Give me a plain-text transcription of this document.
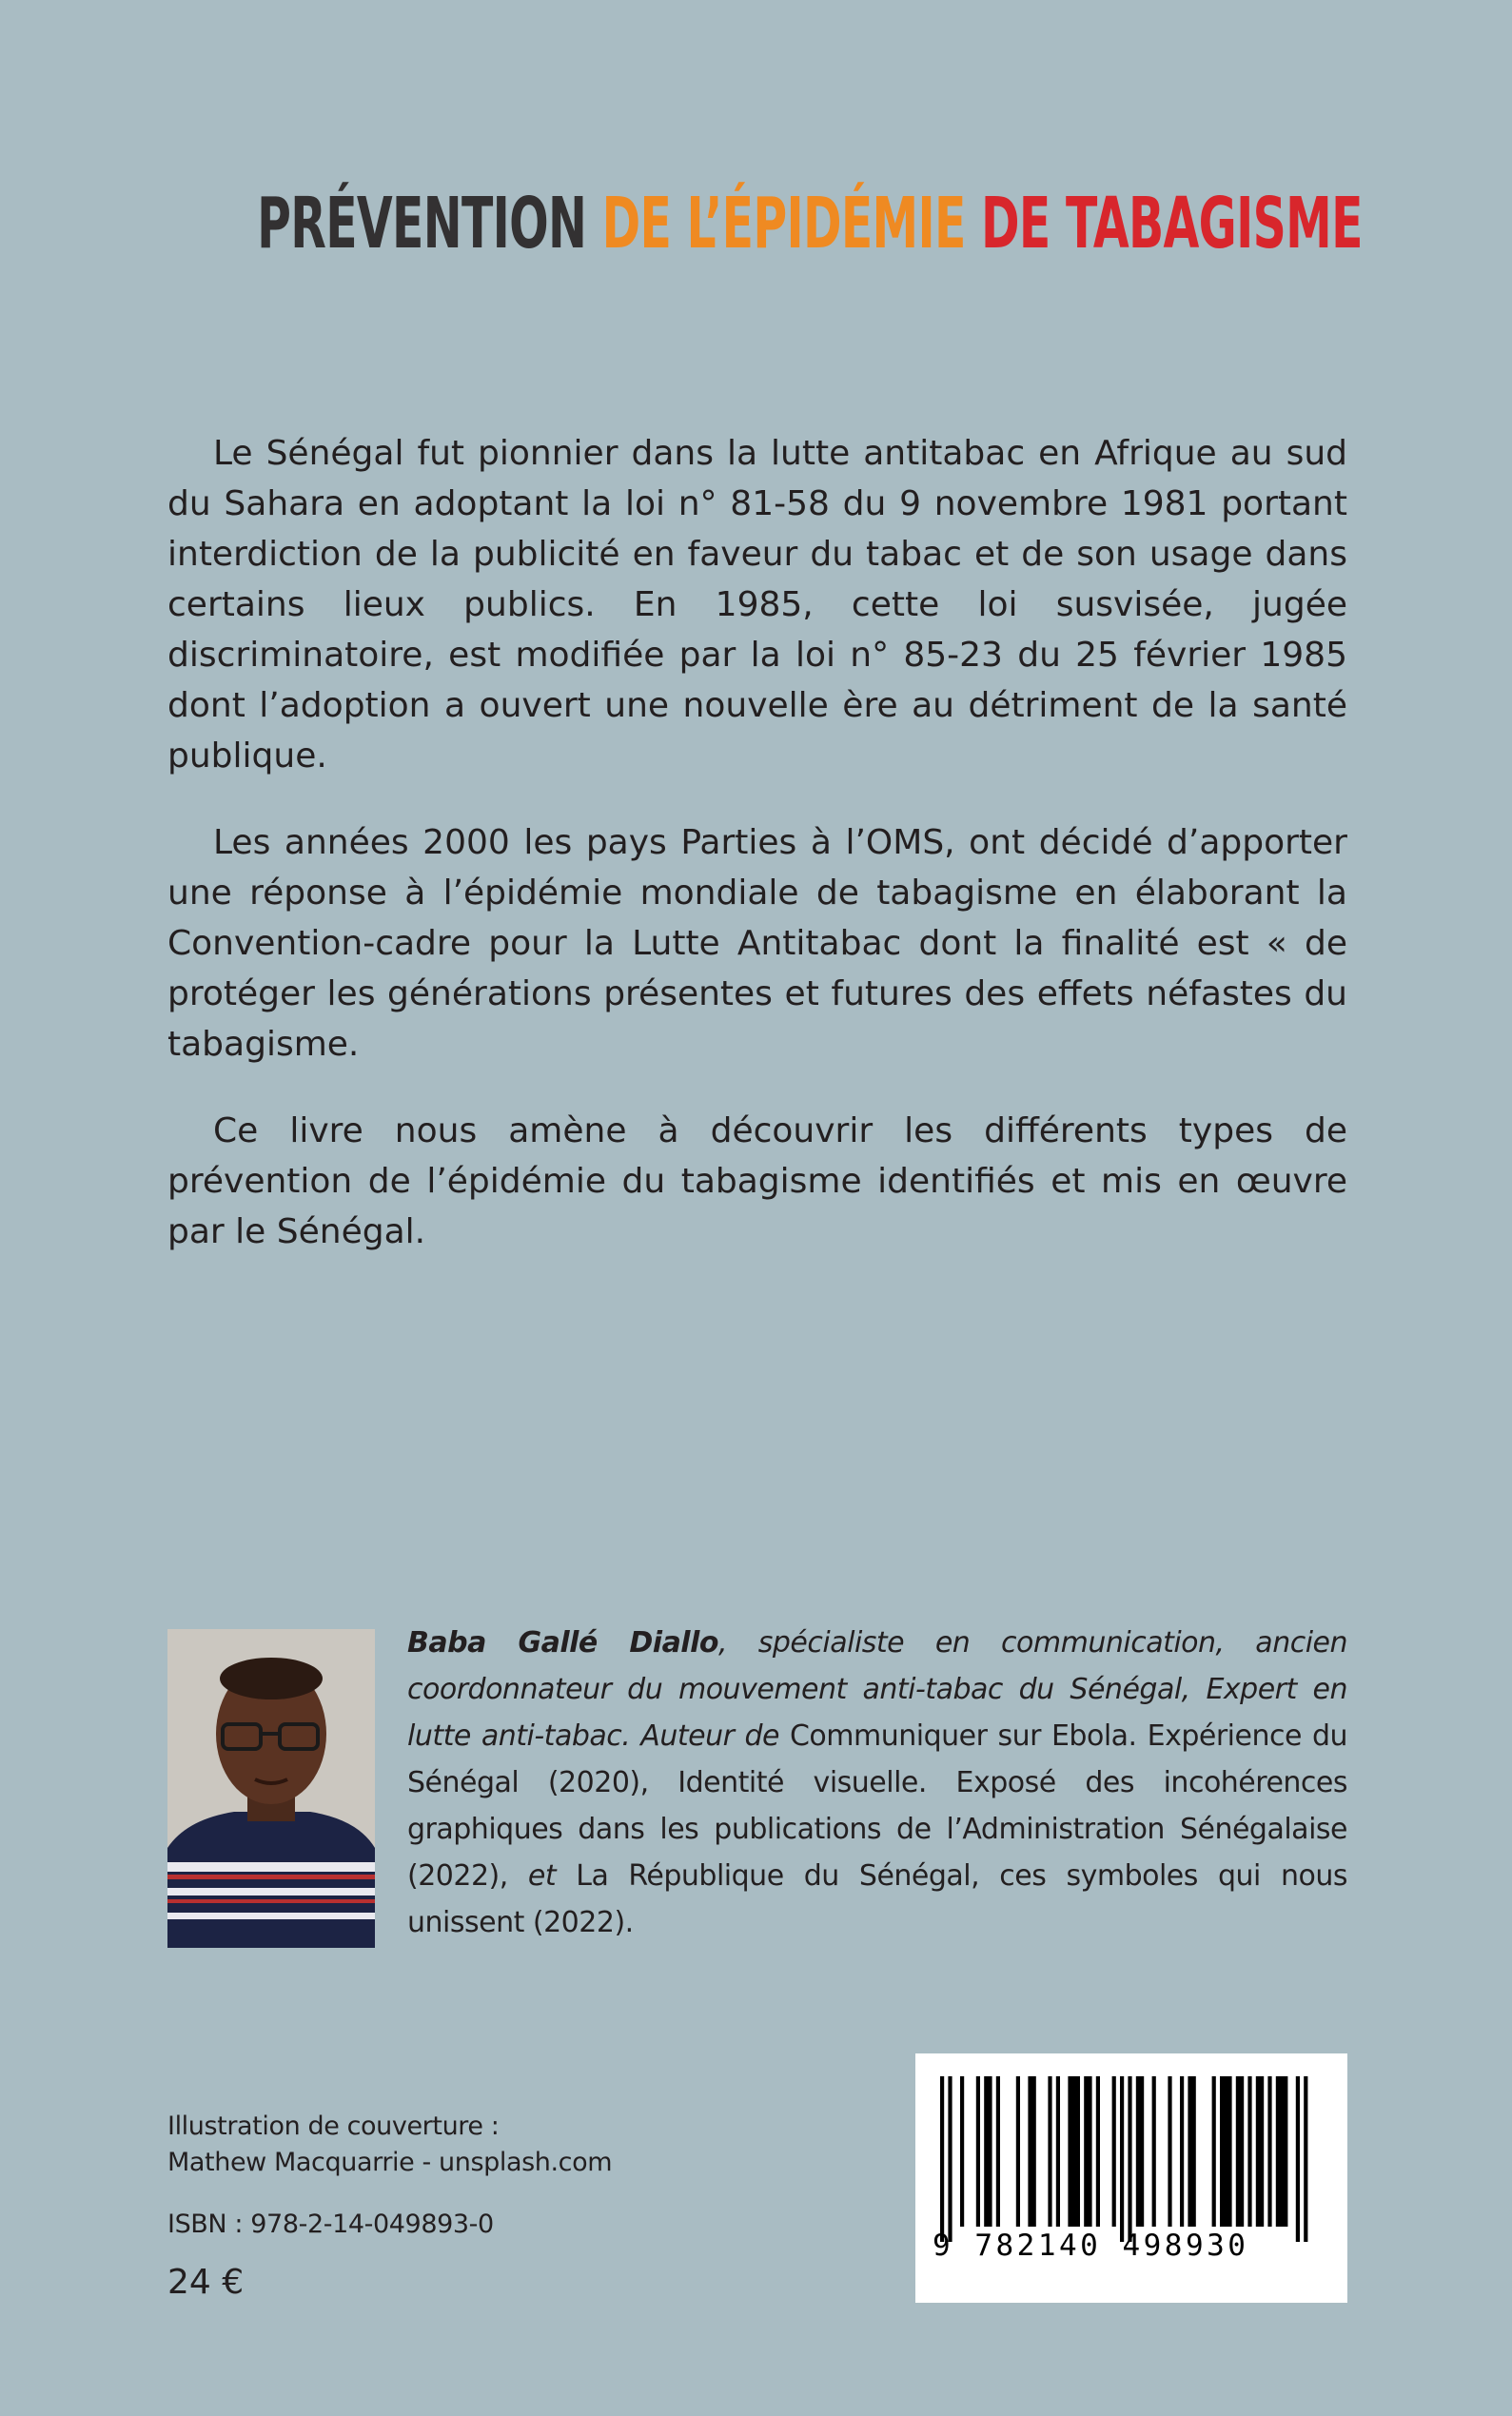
PRÉVENTION DE L’ÉPIDÉMIE DE TABAGISME

Le Sénégal fut pionnier dans la lutte antitabac en Afrique au sud du Sahara en adoptant la loi n° 81-58 du 9 novembre 1981 portant interdiction de la publicité en faveur du tabac et de son usage dans certains lieux publics. En 1985, cette loi susvisée, jugée discriminatoire, est modifiée par la loi n° 85-23 du 25 février 1985 dont l’adoption a ouvert une nouvelle ère au détriment de la santé publique.

Les années 2000 les pays Parties à l’OMS, ont décidé d’apporter une réponse à l’épidémie mondiale de tabagisme en élaborant la Convention-cadre pour la Lutte Antitabac dont la finalité est « de protéger les générations présentes et futures des effets néfastes du tabagisme.

Ce livre nous amène à découvrir les différents types de prévention de l’épidémie du tabagisme identifiés et mis en œuvre par le Sénégal.

Baba Gallé Diallo, spécialiste en communication, ancien coordonnateur du mouvement anti-tabac du Sénégal, Expert en lutte anti-tabac. Auteur de Communiquer sur Ebola. Expérience du Sénégal (2020), Identité visuelle. Exposé des incohérences graphiques dans les publications de l’Administration Sénégalaise (2022), et La République du Sénégal, ces symboles qui nous unissent (2022).
Illustration de couverture :
Mathew Macquarrie - unsplash.com
ISBN : 978-2-14-049893-0
24 €
9 782140 498930
